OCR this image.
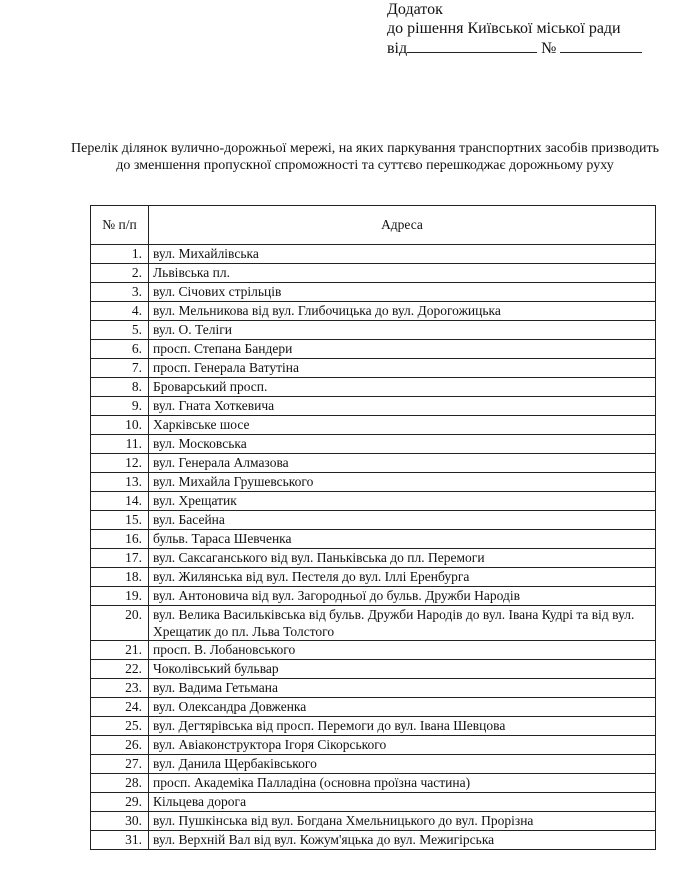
Додаток
до рішення Київської міської ради
від	№
Перелік ділянок вулично-дорожньої мережі, на яких паркування транспортних засобів призводить до зменшення пропускної спроможності та суттєво перешкоджає дорожньому руху
№ п/п	Адреса
1.	вул. Михайлівська
2.	Львівська пл.
3.	вул. Січових стрільців
4.	вул. Мельникова від вул. Глибочицька до вул. Дорогожицька
5.	вул. О. Теліги
6.	просп. Степана Бандери
7.	просп. Генерала Ватутіна
8.	Броварський просп.
9.	вул. Гната Хоткевича
10.	Харківське шосе
11.	вул. Московська
12.	вул. Генерала Алмазова
13.	вул. Михайла Грушевського
14.	вул. Хрещатик
15.	вул. Басейна
16.	бульв. Тараса Шевченка
17.	вул. Саксаганського від вул. Паньківська до пл. Перемоги
18.	вул. Жилянська від вул. Пестеля до вул. Іллі Еренбурга
19.	вул. Антоновича від вул. Загородньої до бульв. Дружби Народів
20.	вул. Велика Васильківська від бульв. Дружби Народів до вул. Івана Кудрі та від вул. Хрещатик до пл. Льва Толстого
21.	просп. В. Лобановського
22.	Чоколівський бульвар
23.	вул. Вадима Гетьмана
24.	вул. Олександра Довженка
25.	вул. Дегтярівська від просп. Перемоги до вул. Івана Шевцова
26.	вул. Авіаконструктора Ігоря Сікорського
27.	вул. Данила Щербаківського
28.	просп. Академіка Палладіна (основна проїзна частина)
29.	Кільцева дорога
30.	вул. Пушкінська від вул. Богдана Хмельницького до вул. Прорізна
31.	вул. Верхній Вал від вул. Кожум'яцька до вул. Межигірська
